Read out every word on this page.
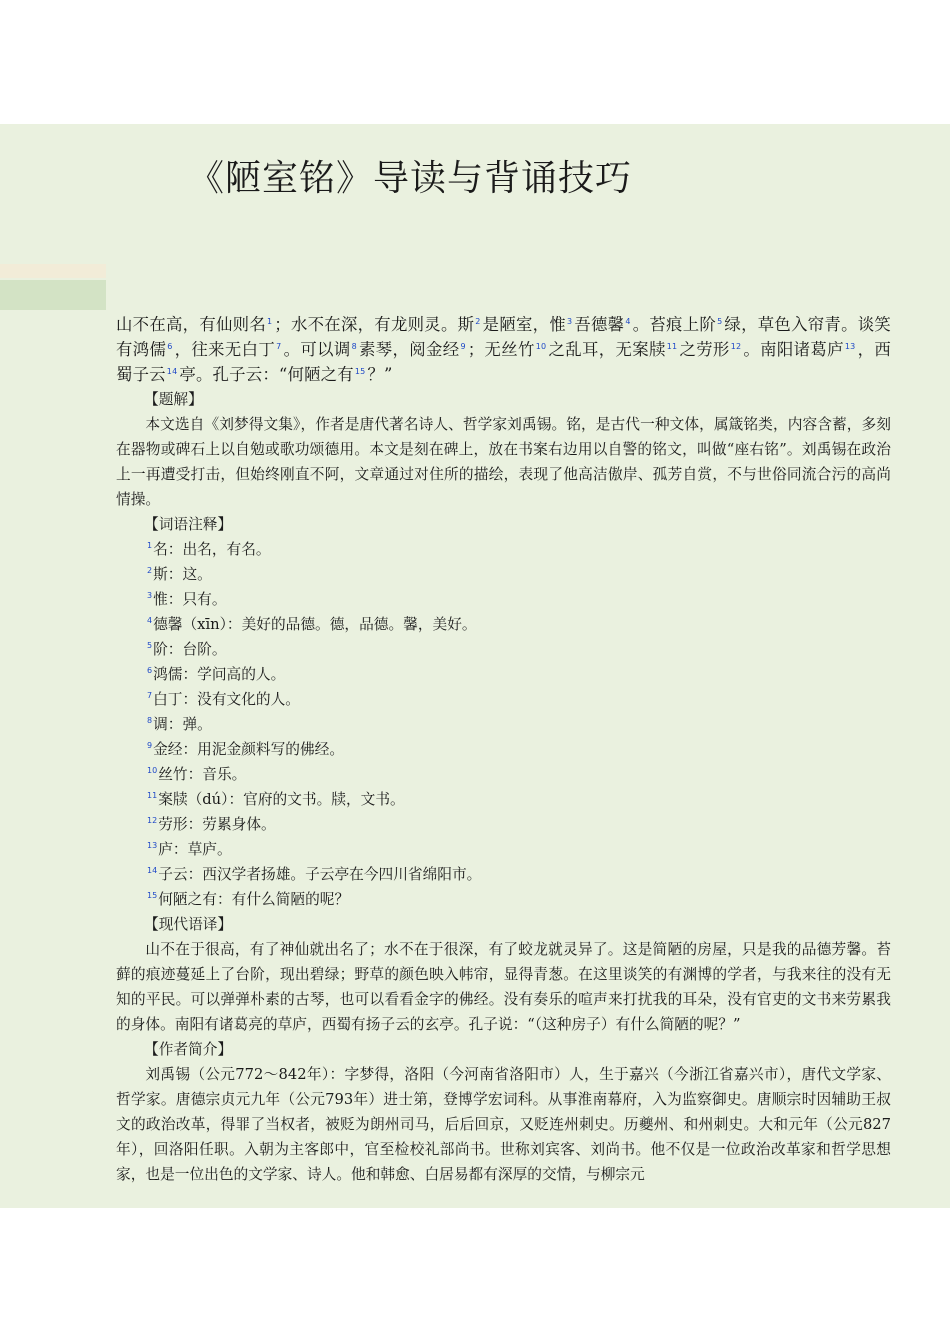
《陋室铭》导读与背诵技巧

山不在高，有仙则名$^1$ ；水不在深，有龙则灵。斯$^2$ 是陋室，惟$^3$ 吾德馨$^4$ 。苔痕上阶$^5$ 绿，草色入帘青。谈笑有鸿儒$^6$ ，往来无白丁$^7$ 。可以调$^8$ 素琴，阅金经$^9$ ；无丝竹$^{10}$ 之乱耳，无案牍$^{11}$ 之劳形$^{12}$ 。南阳诸葛庐$^{13}$ ，西蜀子云$^{14}$ 亭。孔子云：“何陋之有$^{15}$ ？”

【题解】

本文选自《刘梦得文集》，作者是唐代著名诗人、哲学家刘禹锡。铭，是古代一种文体，属箴铭类，内容含蓄，多刻在器物或碑石上以自勉或歌功颂德用。本文是刻在碑上，放在书案右边用以自警的铭文，叫做“座右铭”。刘禹锡在政治上一再遭受打击，但始终刚直不阿，文章通过对住所的描绘，表现了他高洁傲岸、孤芳自赏，不与世俗同流合污的高尚情操。

【词语注释】

$^1$名：出名，有名。

$^2$斯：这。

$^3$惟：只有。

$^4$德馨（xīn）：美好的品德。德，品德。馨，美好。

$^5$阶：台阶。

$^6$鸿儒：学问高的人。

$^7$白丁：没有文化的人。

$^8$调：弹。

$^9$金经：用泥金颜料写的佛经。

$^{10}$丝竹：音乐。

$^{11}$案牍（dú）：官府的文书。牍，文书。

$^{12}$劳形：劳累身体。

$^{13}$庐：草庐。

$^{14}$子云：西汉学者扬雄。子云亭在今四川省绵阳市。

$^{15}$何陋之有：有什么简陋的呢？

【现代语译】

山不在于很高，有了神仙就出名了；水不在于很深，有了蛟龙就灵异了。这是简陋的房屋，只是我的品德芳馨。苔藓的痕迹蔓延上了台阶，现出碧绿；野草的颜色映入帏帘，显得青葱。在这里谈笑的有渊博的学者，与我来往的没有无知的平民。可以弹弹朴素的古琴，也可以看看金字的佛经。没有奏乐的喧声来打扰我的耳朵，没有官吏的文书来劳累我的身体。南阳有诸葛亮的草庐，西蜀有扬子云的玄亭。孔子说：“（这种房子）有什么简陋的呢？”

【作者简介】

刘禹锡（公元772～842年）：字梦得，洛阳（今河南省洛阳市）人，生于嘉兴（今浙江省嘉兴市），唐代文学家、哲学家。唐德宗贞元九年（公元793年）进士第，登博学宏词科。从事淮南幕府，入为监察御史。唐顺宗时因辅助王叔文的政治改革，得罪了当权者，被贬为朗州司马，后后回京，又贬连州刺史。历夔州、和州刺史。大和元年（公元827年），回洛阳任职。入朝为主客郎中，官至检校礼部尚书。世称刘宾客、刘尚书。他不仅是一位政治改革家和哲学思想家，也是一位出色的文学家、诗人。他和韩愈、白居易都有深厚的交情，与柳宗元
